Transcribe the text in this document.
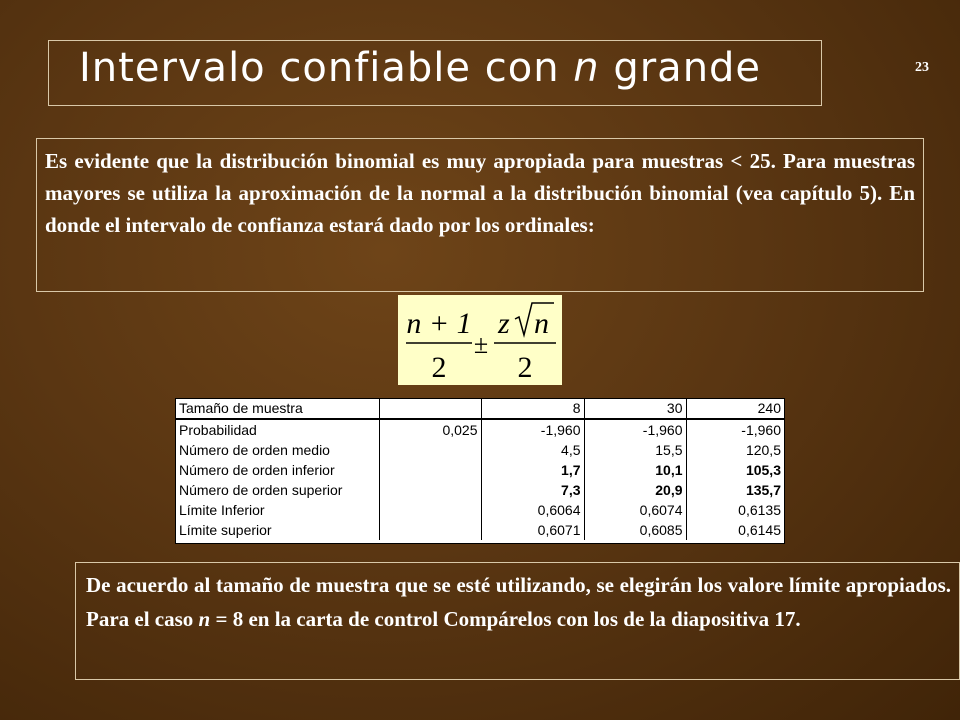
Intervalo confiable con n grande	23

Es evidente que la distribución binomial es muy apropiada para muestras < 25. Para muestras mayores se utiliza la aproximación de la normal a la distribución binomial (vea capítulo 5). En donde el intervalo de confianza estará dado por los ordinales:

n + 1
2
±
z n
2
Tamaño de muestra		8	30	240
Probabilidad	0,025	-1,960	-1,960	-1,960
Número de orden medio		4,5	15,5	120,5
Número de orden inferior		1,7	10,1	105,3
Número de orden superior		7,3	20,9	135,7
Límite Inferior		0,6064	0,6074	0,6135
Límite superior		0,6071	0,6085	0,6145

De acuerdo al tamaño de muestra que se esté utilizando, se elegirán los valore límite apropiados. Para el caso n = 8 en la carta de control Compárelos con los de la diapositiva 17.
